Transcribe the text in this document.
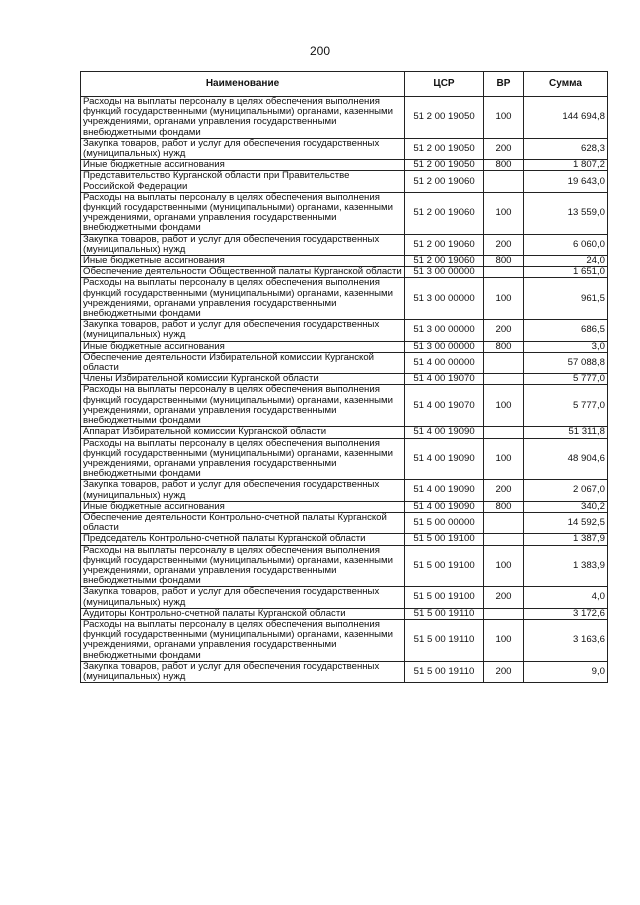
200
Наименование	ЦСР	ВР	Сумма
Расходы на выплаты персоналу в целях обеспечения выполнения функций государственными (муниципальными) органами, казенными учреждениями, органами управления государственными внебюджетными фондами	51 2 00 19050	100	144 694,8
Закупка товаров, работ и услуг для обеспечения государственных (муниципальных) нужд	51 2 00 19050	200	628,3
Иные бюджетные ассигнования	51 2 00 19050	800	1 807,2
Представительство Курганской области при Правительстве Российской Федерации	51 2 00 19060		19 643,0
Расходы на выплаты персоналу в целях обеспечения выполнения функций государственными (муниципальными) органами, казенными учреждениями, органами управления государственными внебюджетными фондами	51 2 00 19060	100	13 559,0
Закупка товаров, работ и услуг для обеспечения государственных (муниципальных) нужд	51 2 00 19060	200	6 060,0
Иные бюджетные ассигнования	51 2 00 19060	800	24,0
Обеспечение деятельности Общественной палаты Курганской области	51 3 00 00000		1 651,0
Расходы на выплаты персоналу в целях обеспечения выполнения функций государственными (муниципальными) органами, казенными учреждениями, органами управления государственными внебюджетными фондами	51 3 00 00000	100	961,5
Закупка товаров, работ и услуг для обеспечения государственных (муниципальных) нужд	51 3 00 00000	200	686,5
Иные бюджетные ассигнования	51 3 00 00000	800	3,0
Обеспечение деятельности Избирательной комиссии Курганской области	51 4 00 00000		57 088,8
Члены Избирательной комиссии Курганской области	51 4 00 19070		5 777,0
Расходы на выплаты персоналу в целях обеспечения выполнения функций государственными (муниципальными) органами, казенными учреждениями, органами управления государственными внебюджетными фондами	51 4 00 19070	100	5 777,0
Аппарат Избирательной комиссии Курганской области	51 4 00 19090		51 311,8
Расходы на выплаты персоналу в целях обеспечения выполнения функций государственными (муниципальными) органами, казенными учреждениями, органами управления государственными внебюджетными фондами	51 4 00 19090	100	48 904,6
Закупка товаров, работ и услуг для обеспечения государственных (муниципальных) нужд	51 4 00 19090	200	2 067,0
Иные бюджетные ассигнования	51 4 00 19090	800	340,2
Обеспечение деятельности Контрольно-счетной палаты Курганской области	51 5 00 00000		14 592,5
Председатель Контрольно-счетной палаты Курганской области	51 5 00 19100		1 387,9
Расходы на выплаты персоналу в целях обеспечения выполнения функций государственными (муниципальными) органами, казенными учреждениями, органами управления государственными внебюджетными фондами	51 5 00 19100	100	1 383,9
Закупка товаров, работ и услуг для обеспечения государственных (муниципальных) нужд	51 5 00 19100	200	4,0
Аудиторы Контрольно-счетной палаты Курганской области	51 5 00 19110		3 172,6
Расходы на выплаты персоналу в целях обеспечения выполнения функций государственными (муниципальными) органами, казенными учреждениями, органами управления государственными внебюджетными фондами	51 5 00 19110	100	3 163,6
Закупка товаров, работ и услуг для обеспечения государственных (муниципальных) нужд	51 5 00 19110	200	9,0
